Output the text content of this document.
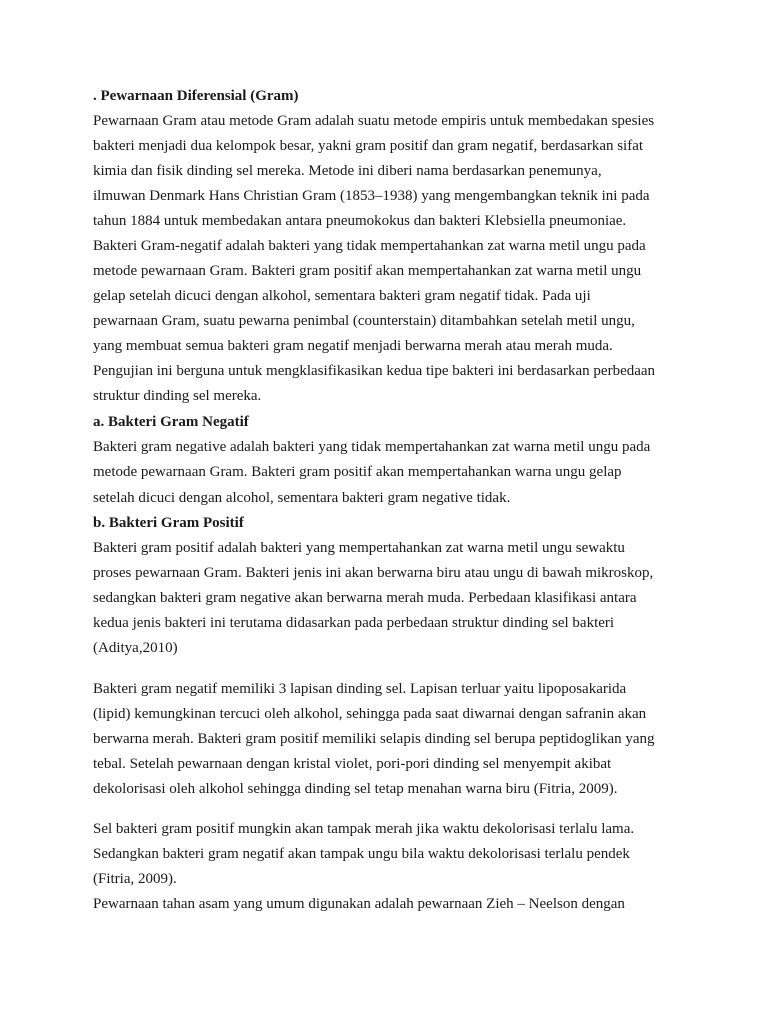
. Pewarnaan Diferensial (Gram)
Pewarnaan Gram atau metode Gram adalah suatu metode empiris untuk membedakan spesies
bakteri menjadi dua kelompok besar, yakni gram positif dan gram negatif, berdasarkan sifat
kimia dan fisik dinding sel mereka. Metode ini diberi nama berdasarkan penemunya,
ilmuwan Denmark Hans Christian Gram (1853–1938) yang mengembangkan teknik ini pada
tahun 1884 untuk membedakan antara pneumokokus dan bakteri Klebsiella pneumoniae.
Bakteri Gram-negatif adalah bakteri yang tidak mempertahankan zat warna metil ungu pada
metode pewarnaan Gram. Bakteri gram positif akan mempertahankan zat warna metil ungu
gelap setelah dicuci dengan alkohol, sementara bakteri gram negatif tidak. Pada uji
pewarnaan Gram, suatu pewarna penimbal (counterstain) ditambahkan setelah metil ungu,
yang membuat semua bakteri gram negatif menjadi berwarna merah atau merah muda.
Pengujian ini berguna untuk mengklasifikasikan kedua tipe bakteri ini berdasarkan perbedaan
struktur dinding sel mereka.
a. Bakteri Gram Negatif
Bakteri gram negative adalah bakteri yang tidak mempertahankan zat warna metil ungu pada
metode pewarnaan Gram. Bakteri gram positif akan mempertahankan warna ungu gelap
setelah dicuci dengan alcohol, sementara bakteri gram negative tidak.
b. Bakteri Gram Positif
Bakteri gram positif adalah bakteri yang mempertahankan zat warna metil ungu sewaktu
proses pewarnaan Gram. Bakteri jenis ini akan berwarna biru atau ungu di bawah mikroskop,
sedangkan bakteri gram negative akan berwarna merah muda. Perbedaan klasifikasi antara
kedua jenis bakteri ini terutama didasarkan pada perbedaan struktur dinding sel bakteri
(Aditya,2010)
Bakteri gram negatif memiliki 3 lapisan dinding sel. Lapisan terluar yaitu lipoposakarida
(lipid) kemungkinan tercuci oleh alkohol, sehingga pada saat diwarnai dengan safranin akan
berwarna merah. Bakteri gram positif memiliki selapis dinding sel berupa peptidoglikan yang
tebal. Setelah pewarnaan dengan kristal violet, pori-pori dinding sel menyempit akibat
dekolorisasi oleh alkohol sehingga dinding sel tetap menahan warna biru (Fitria, 2009).
Sel bakteri gram positif mungkin akan tampak merah jika waktu dekolorisasi terlalu lama.
Sedangkan bakteri gram negatif akan tampak ungu bila waktu dekolorisasi terlalu pendek
(Fitria, 2009).
Pewarnaan tahan asam yang umum digunakan adalah pewarnaan Zieh – Neelson dengan
